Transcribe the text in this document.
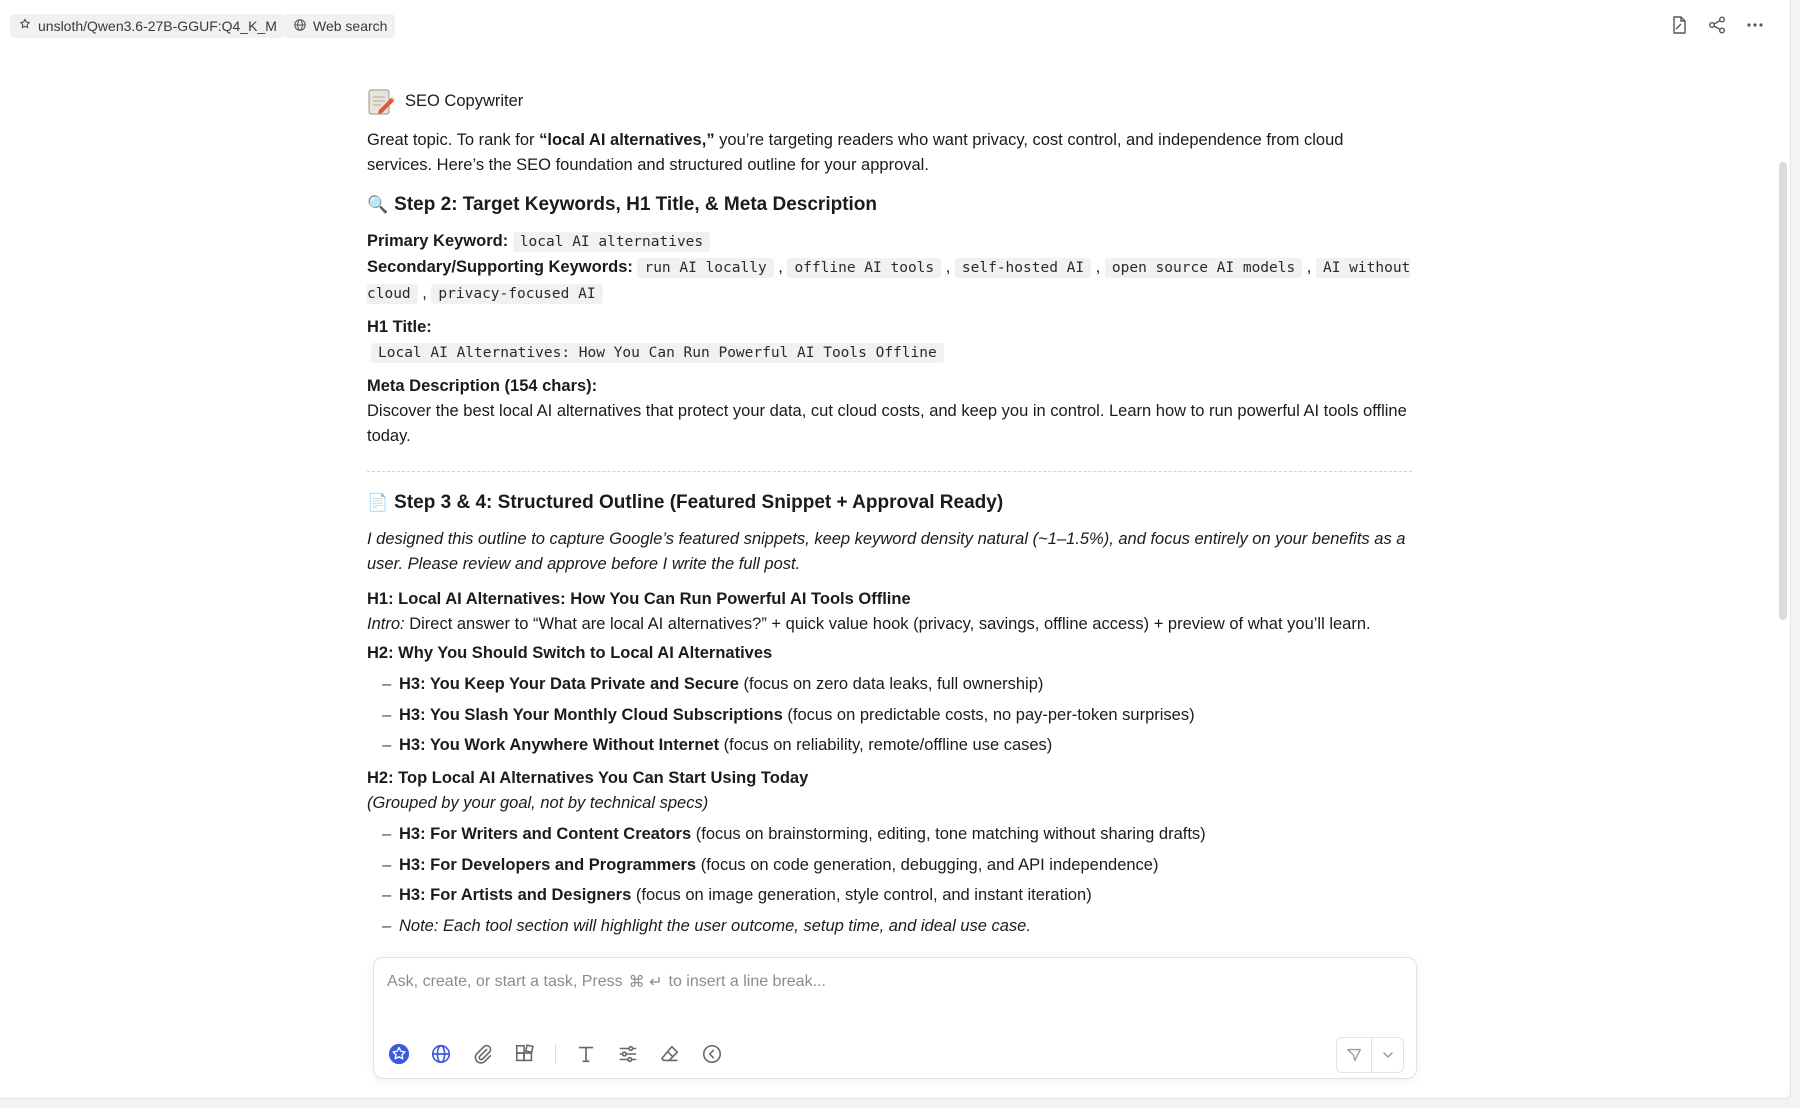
unsloth/Qwen3.6-27B-GGUF:Q4_K_M	Web search
SEO Copywriter

Great topic. To rank for “local AI alternatives,” you’re targeting readers who want privacy, cost control, and independence from cloud services. Here’s the SEO foundation and structured outline for your approval.

🔍 Step 2: Target Keywords, H1 Title, & Meta Description
Primary Keyword: local AI alternatives
Secondary/Supporting Keywords: run AI locally , offline AI tools , self-hosted AI , open source AI models , AI without cloud , privacy-focused AI
H1 Title:
Local AI Alternatives: How You Can Run Powerful AI Tools Offline
Meta Description (154 chars):
Discover the best local AI alternatives that protect your data, cut cloud costs, and keep you in control. Learn how to run powerful AI tools offline today.
📄 Step 3 & 4: Structured Outline (Featured Snippet + Approval Ready)

I designed this outline to capture Google’s featured snippets, keep keyword density natural (~1–1.5%), and focus entirely on your benefits as a user. Please review and approve before I write the full post.

H1: Local AI Alternatives: How You Can Run Powerful AI Tools Offline
Intro: Direct answer to “What are local AI alternatives?” + quick value hook (privacy, savings, offline access) + preview of what you’ll learn.
H2: Why You Should Switch to Local AI Alternatives
– H3: You Keep Your Data Private and Secure (focus on zero data leaks, full ownership)
– H3: You Slash Your Monthly Cloud Subscriptions (focus on predictable costs, no pay-per-token surprises)
– H3: You Work Anywhere Without Internet (focus on reliability, remote/offline use cases)
H2: Top Local AI Alternatives You Can Start Using Today
(Grouped by your goal, not by technical specs)
– H3: For Writers and Content Creators (focus on brainstorming, editing, tone matching without sharing drafts)
– H3: For Developers and Programmers (focus on code generation, debugging, and API independence)
– H3: For Artists and Designers (focus on image generation, style control, and instant iteration)
– Note: Each tool section will highlight the user outcome, setup time, and ideal use case.
Ask, create, or start a task, Press ⌘ ↵ to insert a line break...
